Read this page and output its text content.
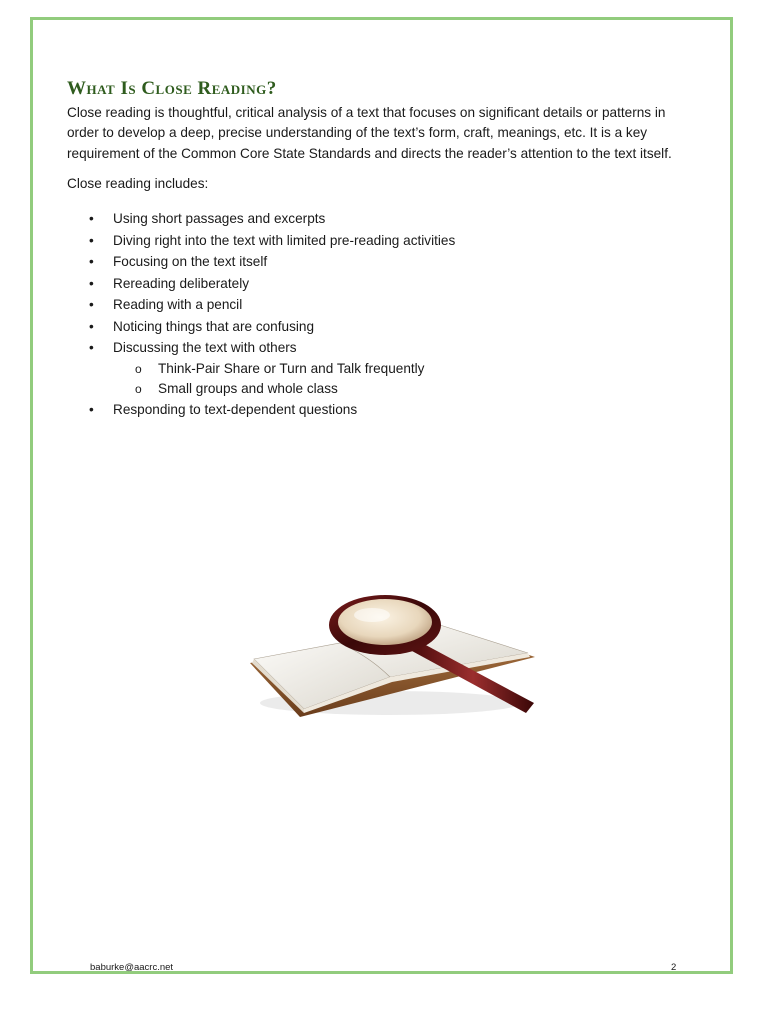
What Is Close Reading?

Close reading is thoughtful, critical analysis of a text that focuses on significant details or patterns in order to develop a deep, precise understanding of the text’s form, craft, meanings, etc. It is a key requirement of the Common Core State Standards and directs the reader’s attention to the text itself.

Close reading includes:

• Using short passages and excerpts
• Diving right into the text with limited pre-reading activities
• Focusing on the text itself
• Rereading deliberately
• Reading with a pencil
• Noticing things that are confusing
• Discussing the text with others
o Think-Pair Share or Turn and Talk frequently
o Small groups and whole class
• Responding to text-dependent questions
baburke@aacrc.net	2
